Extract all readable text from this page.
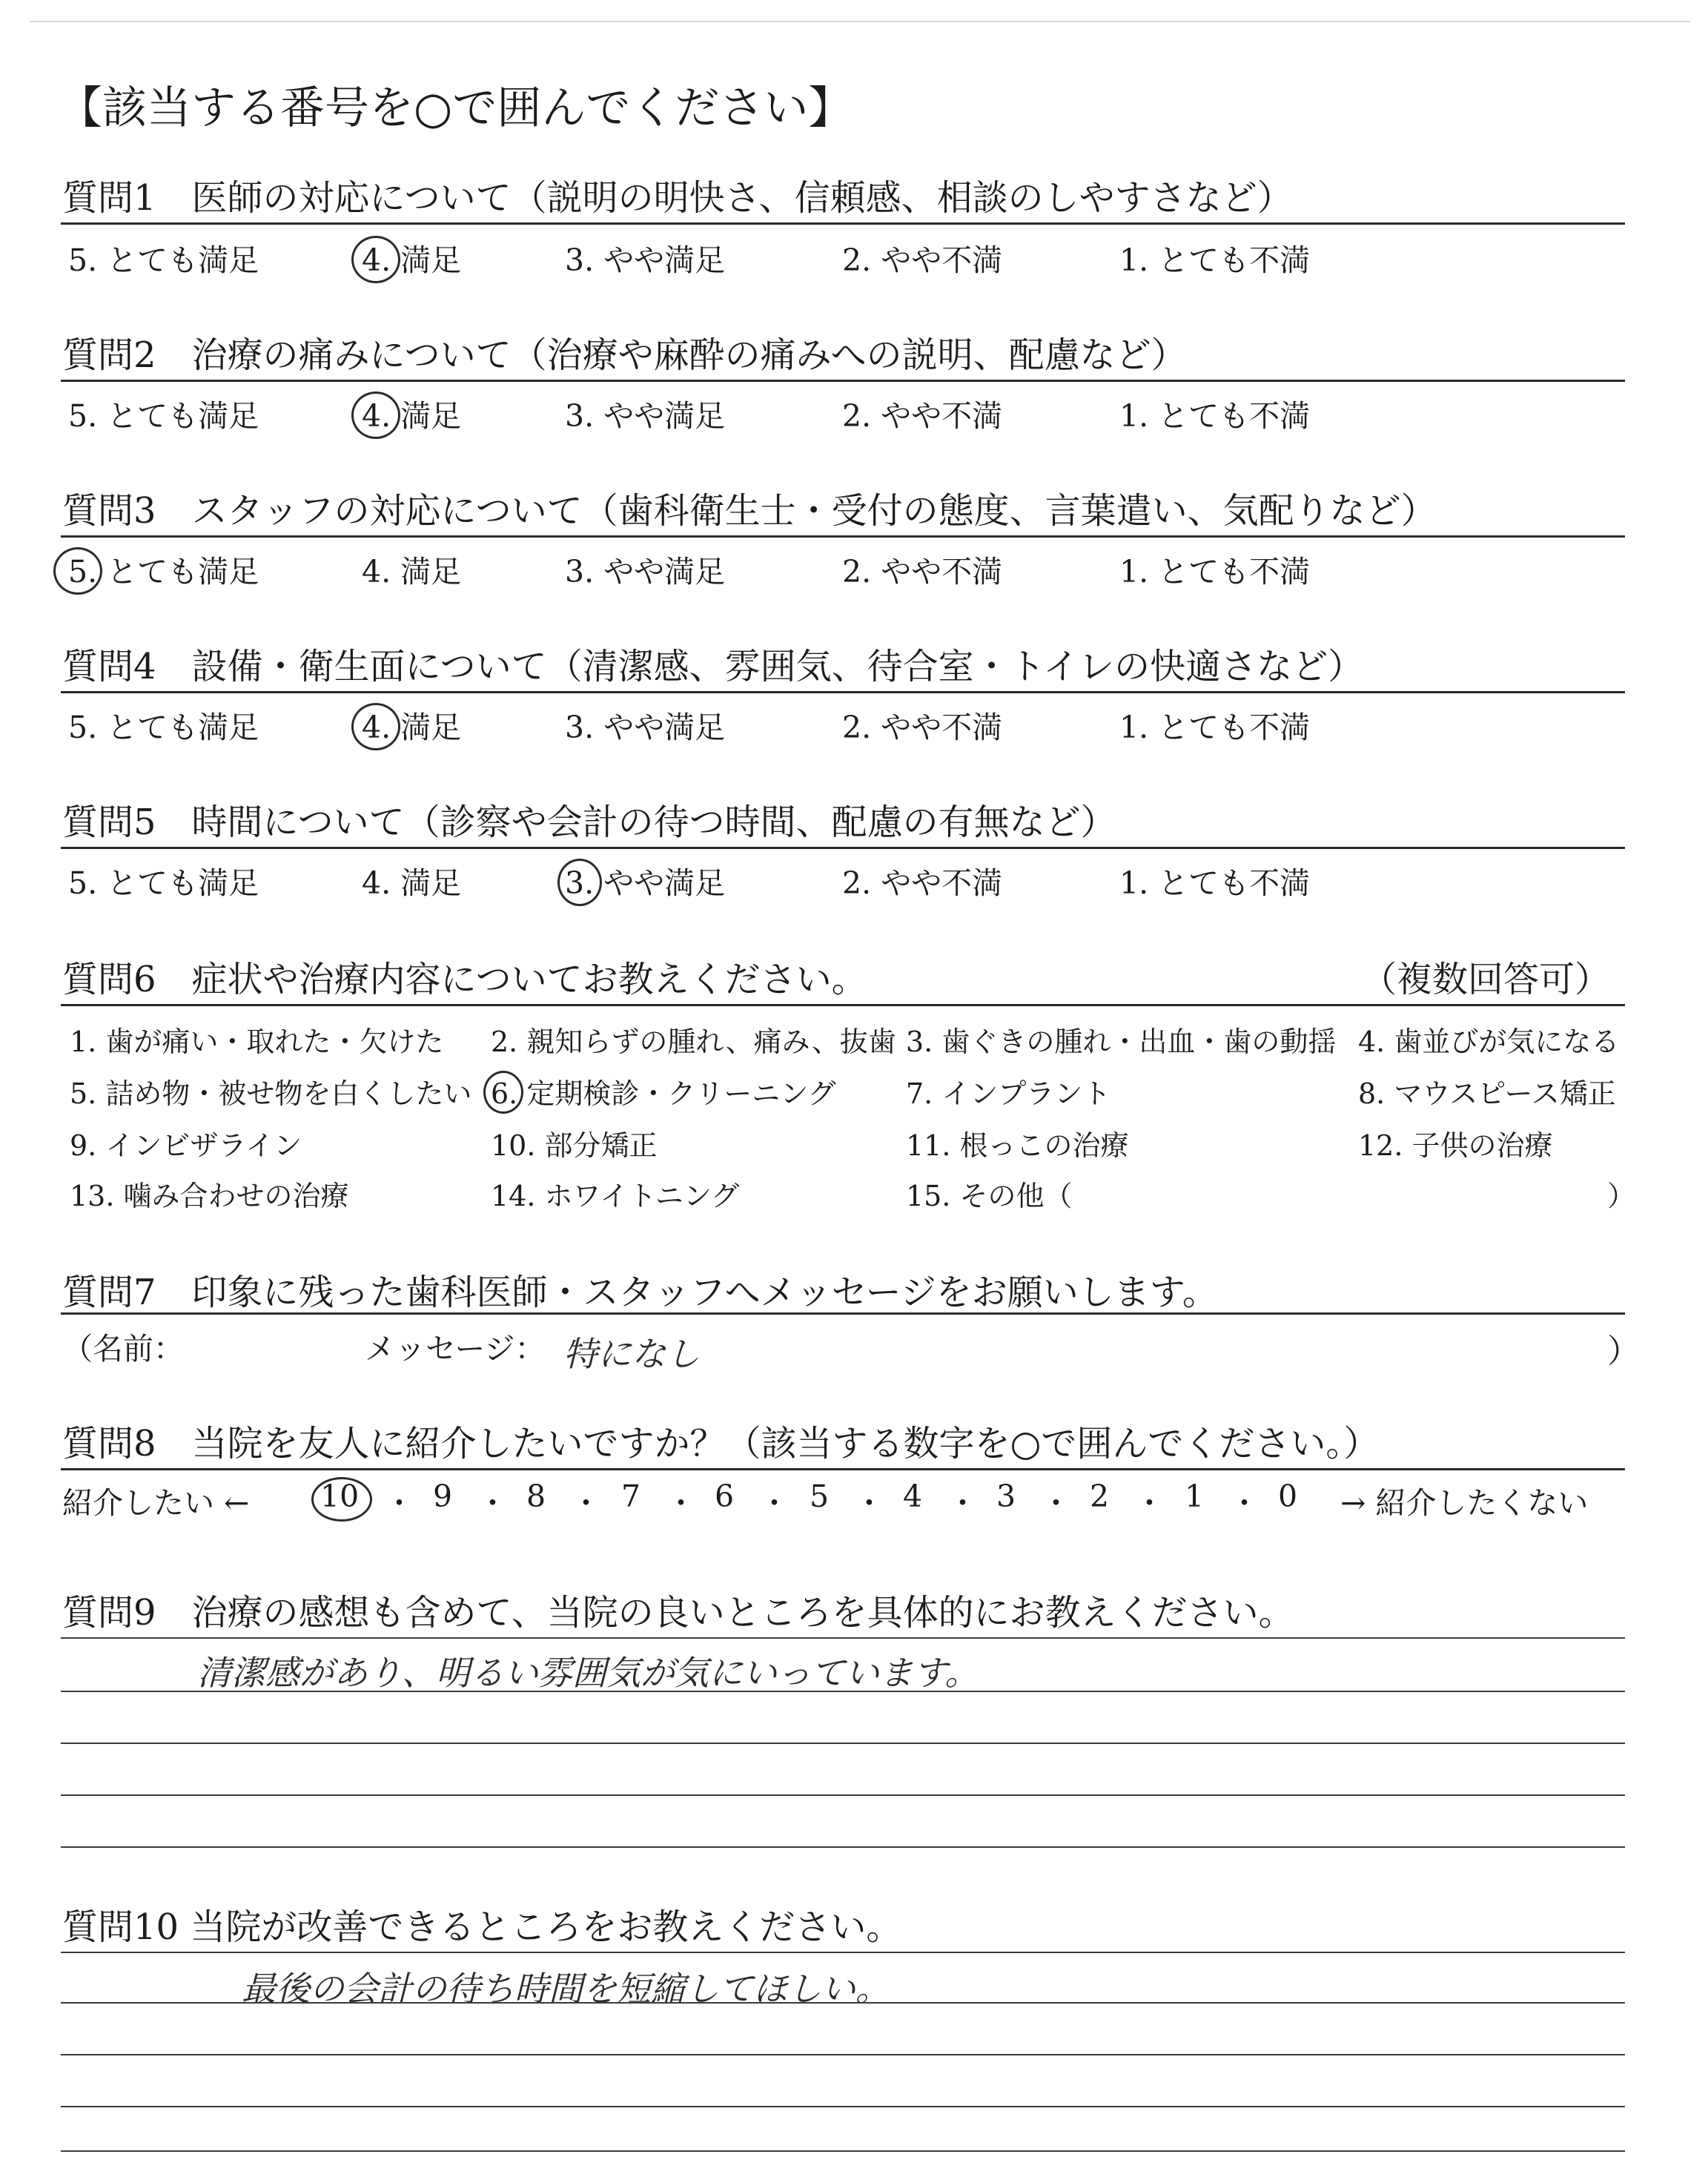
【該当する番号を○で囲んでください】
質問1　医師の対応について（説明の明快さ、信頼感、相談のしやすさなど）
5. とても満足	4. 満足	3. やや満足	2. やや不満	1. とても不満
質問2　治療の痛みについて（治療や麻酔の痛みへの説明、配慮など）
5. とても満足	4. 満足	3. やや満足	2. やや不満	1. とても不満
質問3　スタッフの対応について（歯科衛生士・受付の態度、言葉遣い、気配りなど）
5. とても満足	4. 満足	3. やや満足	2. やや不満	1. とても不満
質問4　設備・衛生面について（清潔感、雰囲気、待合室・トイレの快適さなど）
5. とても満足	4. 満足	3. やや満足	2. やや不満	1. とても不満
質問5　時間について（診察や会計の待つ時間、配慮の有無など）
5. とても満足	4. 満足	3. やや満足	2. やや不満	1. とても不満
質問6　症状や治療内容についてお教えください。	（複数回答可）
1. 歯が痛い・取れた・欠けた 2. 親知らずの腫れ、痛み、抜歯 3. 歯ぐきの腫れ・出血・歯の動揺 4. 歯並びが気になる
5. 詰め物・被せ物を白くしたい 6. 定期検診・クリーニング 7. インプラント	8. マウスピース矯正
9. インビザライン	10. 部分矯正	11. 根っこの治療	12. 子供の治療
13. 噛み合わせの治療	14. ホワイトニング	15. その他（	）
質問7　印象に残った歯科医師・スタッフへメッセージをお願いします。
（名前：	メッセージ： 特になし	）
質問8　当院を友人に紹介したいですか？（該当する数字を○で囲んでください。）
紹介したい ← 10 ・ 9 ・ 8 ・ 7 ・ 6 ・ 5 ・ 4 ・ 3 ・ 2 ・ 1 ・ 0 → 紹介したくない
質問9　治療の感想も含めて、当院の良いところを具体的にお教えください。
清潔感があり、明るい雰囲気が気にいっています。
質問10 当院が改善できるところをお教えください。
最後の会計の待ち時間を短縮してほしい。
